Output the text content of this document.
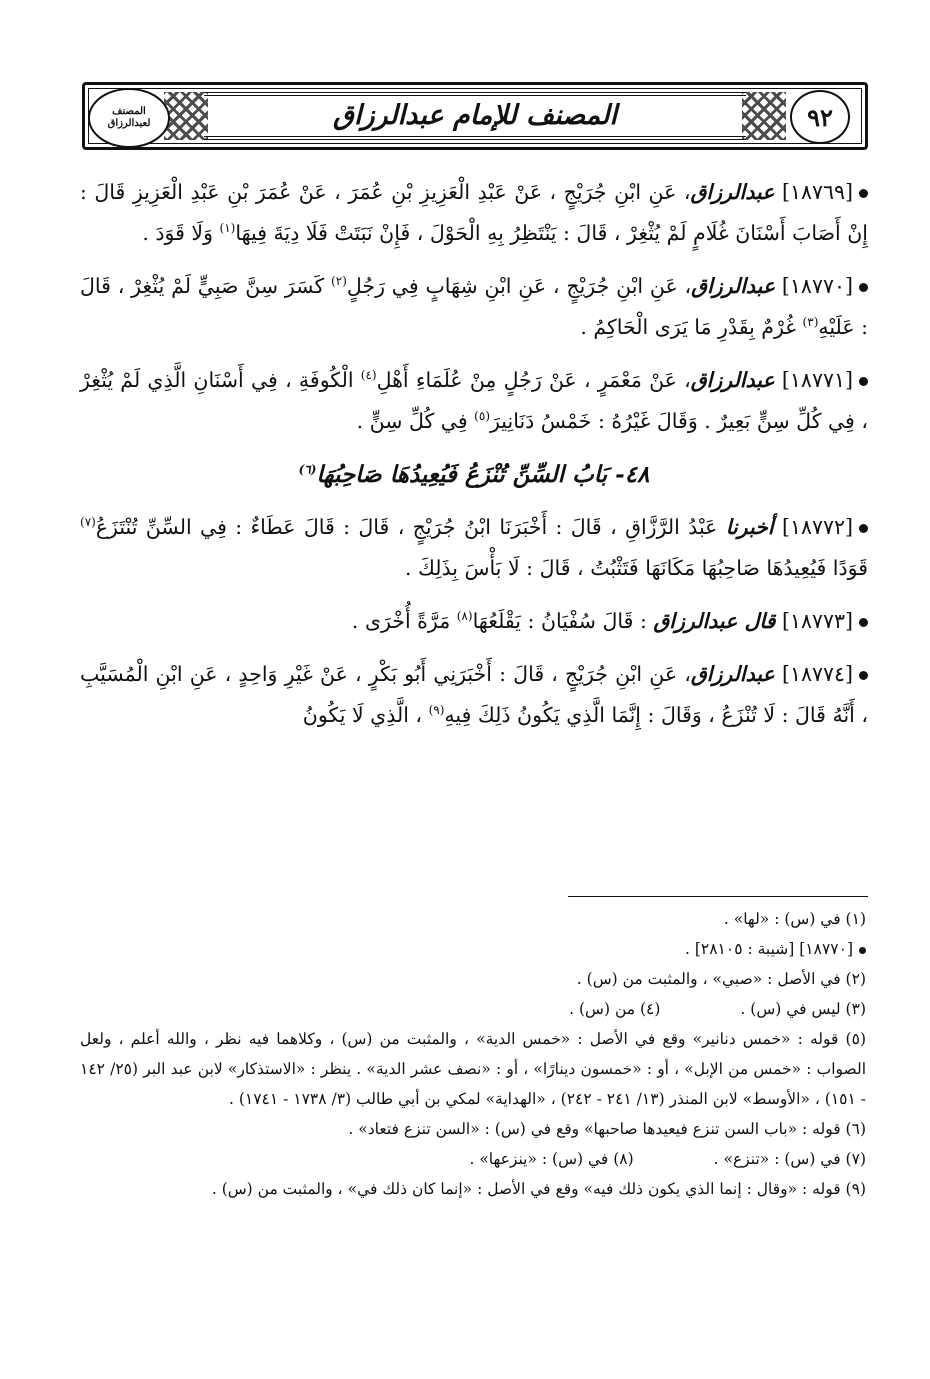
المصنف لعبدالرزاق	٩٢
المصنف للإمام عبدالرزاق
[١٨٧٦٩] عبدالرزاق، عَنِ ابْنِ جُرَيْجٍ ، عَنْ عَبْدِ الْعَزِيزِ بْنِ عُمَرَ ، عَنْ عُمَرَ بْنِ عَبْدِ الْعَزِيزِ قَالَ : إِنْ أَصَابَ أَسْنَانَ غُلَامٍ لَمْ يُثْغِرْ ، قَالَ : يَنْتَظِرُ بِهِ الْحَوْلَ ، فَإِنْ نَبَتَتْ فَلَا دِيَةَ فِيهَا$^{(١)}$ وَلَا قَوَدَ .
[١٨٧٧٠] عبدالرزاق، عَنِ ابْنِ جُرَيْجٍ ، عَنِ ابْنِ شِهَابٍ فِي رَجُلٍ$^{(٢)}$ كَسَرَ سِنَّ صَبِيٍّ لَمْ يُثْغِرْ ، قَالَ : عَلَيْهِ$^{(٣)}$ غُرْمٌ بِقَدْرِ مَا يَرَى الْحَاكِمُ .
[١٨٧٧١] عبدالرزاق، عَنْ مَعْمَرٍ ، عَنْ رَجُلٍ مِنْ عُلَمَاءِ أَهْلِ$^{(٤)}$ الْكُوفَةِ ، فِي أَسْنَانِ الَّذِي لَمْ يُثْغِرْ ، فِي كُلِّ سِنٍّ بَعِيرٌ . وَقَالَ غَيْرُهُ : خَمْسُ دَنَانِيرَ$^{(٥)}$ فِي كُلِّ سِنٍّ .
٤٨- بَابُ السِّنِّ تُنْزَعُ فَيُعِيدُهَا صَاحِبُهَا$^{(٦)}$
[١٨٧٧٢] أخبرنا عَبْدُ الرَّزَّاقِ ، قَالَ : أَخْبَرَنَا ابْنُ جُرَيْجٍ ، قَالَ : قَالَ عَطَاءٌ : فِي السِّنِّ تُنْتَزَعُ$^{(٧)}$ قَوَدًا فَيُعِيدُهَا صَاحِبُهَا مَكَانَهَا فَتَثْبُتُ ، قَالَ : لَا بَأْسَ بِذَلِكَ .
[١٨٧٧٣] قال عبدالرزاق : قَالَ سُفْيَانُ : يَقْلَعُهَا$^{(٨)}$ مَرَّةً أُخْرَى .
[١٨٧٧٤] عبدالرزاق، عَنِ ابْنِ جُرَيْجٍ ، قَالَ : أَخْبَرَنِي أَبُو بَكْرٍ ، عَنْ غَيْرِ وَاحِدٍ ، عَنِ ابْنِ الْمُسَيَّبِ ، أَنَّهُ قَالَ : لَا تُنْزَعُ ، وَقَالَ : إِنَّمَا الَّذِي يَكُونُ ذَلِكَ فِيهِ$^{(٩)}$ ، الَّذِي لَا يَكُونُ
(١) في (س) : «لها» .
[١٨٧٧٠] [شيبة : ٢٨١٠٥] .
(٢) في الأصل : «صبي» ، والمثبت من (س) .
(٣) ليس في (س) .
(٤) من (س) .
(٥) قوله : «خمس دنانير» وقع في الأصل : «خمس الدية» ، والمثبت من (س) ، وكلاهما فيه نظر ، والله أعلم ، ولعل الصواب : «خمس من الإبل» ، أو : «خمسون دينارًا» ، أو : «نصف عشر الدية» . ينظر : «الاستذكار» لابن عبد البر (٢٥/ ١٤٢ - ١٥١) ، «الأوسط» لابن المنذر (١٣/ ٢٤١ - ٢٤٢) ، «الهداية» لمكي بن أبي طالب (٣/ ١٧٣٨ - ١٧٤١) .
(٦) قوله : «باب السن تنزع فيعيدها صاحبها» وقع في (س) : «السن تنزع فتعاد» .
(٧) في (س) : «تنزع» .
(٨) في (س) : «ينزعها» .
(٩) قوله : «وقال : إنما الذي يكون ذلك فيه» وقع في الأصل : «إنما كان ذلك في» ، والمثبت من (س) .
